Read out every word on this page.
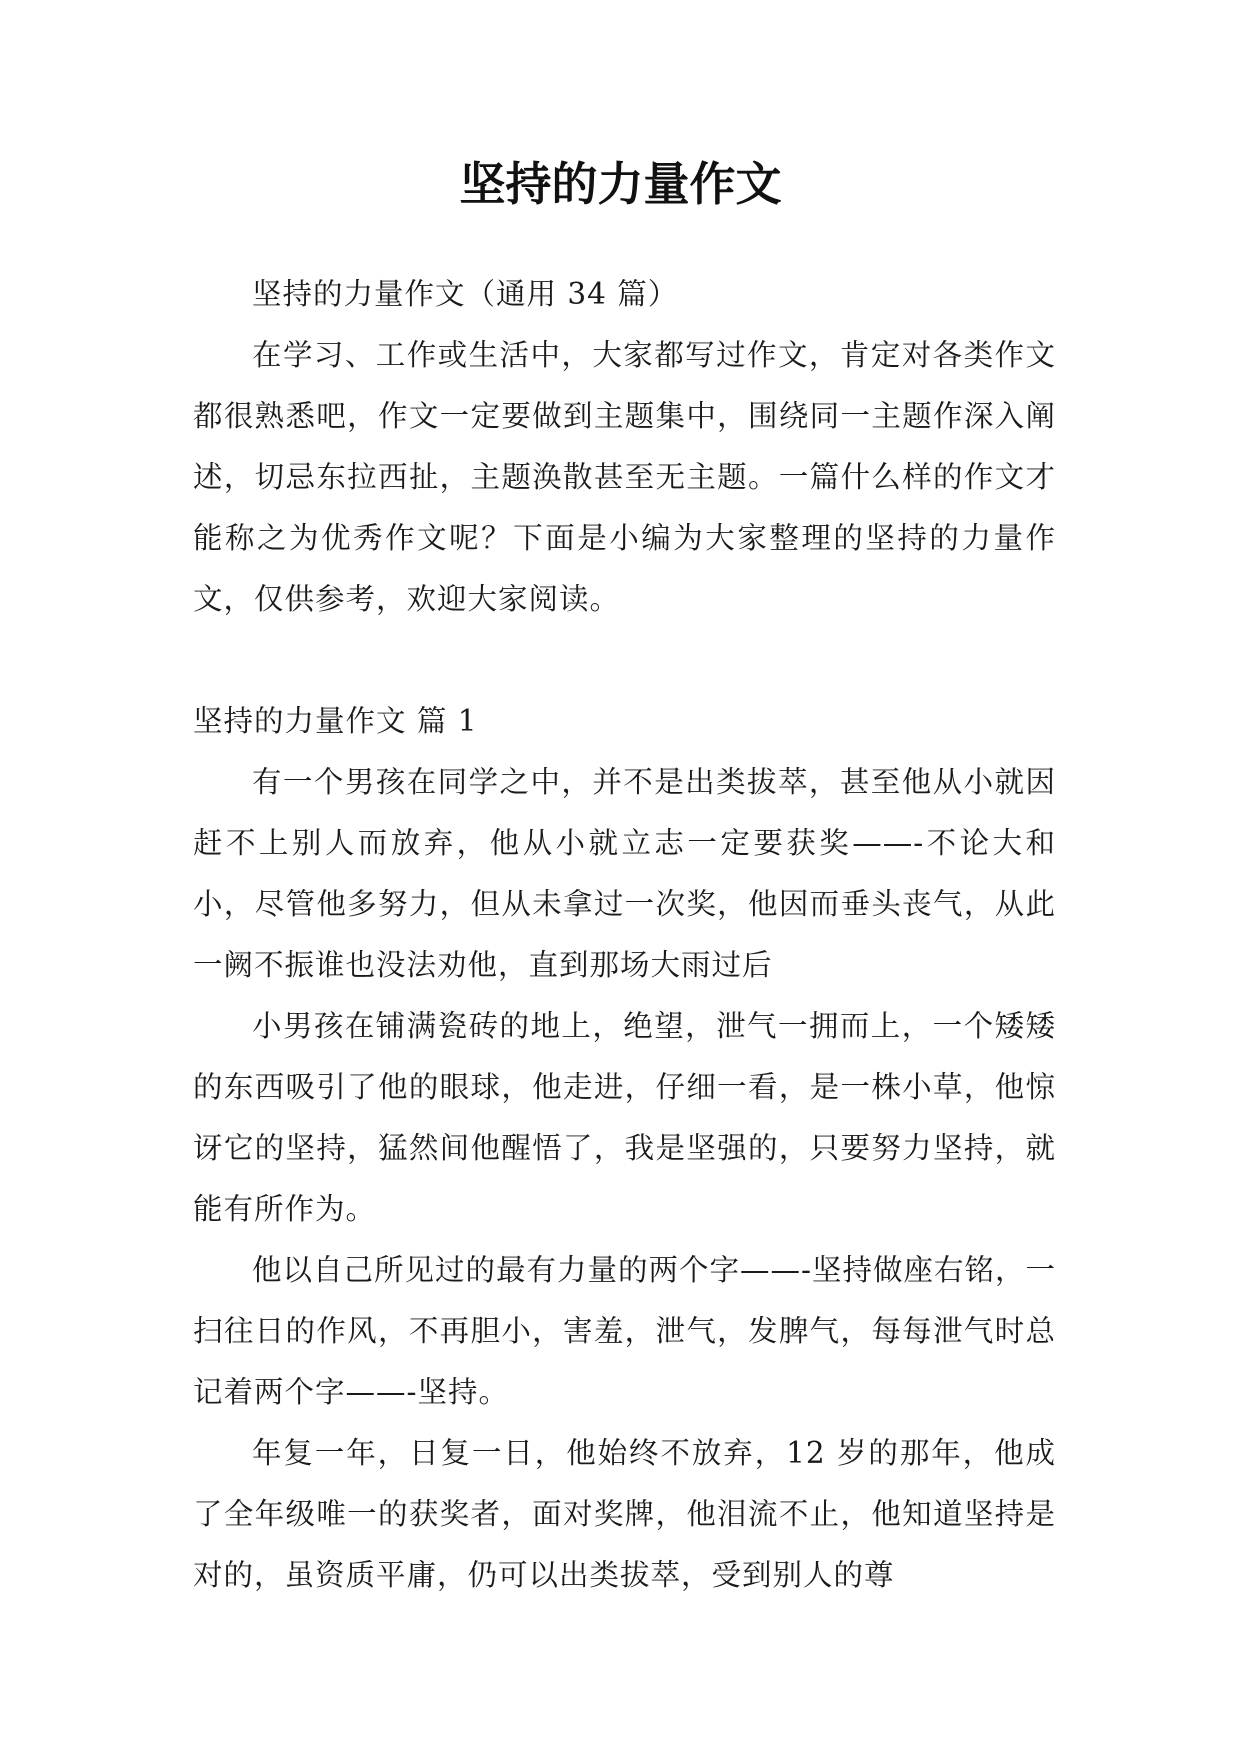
坚持的力量作文

坚持的力量作文（通用 34 篇）

在学习、工作或生活中，大家都写过作文，肯定对各类作文都很熟悉吧，作文一定要做到主题集中，围绕同一主题作深入阐述，切忌东拉西扯，主题涣散甚至无主题。一篇什么样的作文才能称之为优秀作文呢？下面是小编为大家整理的坚持的力量作文，仅供参考，欢迎大家阅读。

坚持的力量作文 篇 1

有一个男孩在同学之中，并不是出类拔萃，甚至他从小就因赶不上别人而放弃，他从小就立志一定要获奖——-不论大和小，尽管他多努力，但从未拿过一次奖，他因而垂头丧气，从此一阙不振谁也没法劝他，直到那场大雨过后

小男孩在铺满瓷砖的地上，绝望，泄气一拥而上，一个矮矮的东西吸引了他的眼球，他走进，仔细一看，是一株小草，他惊讶它的坚持，猛然间他醒悟了，我是坚强的，只要努力坚持，就能有所作为。

他以自己所见过的最有力量的两个字——-坚持做座右铭，一扫往日的作风，不再胆小，害羞，泄气，发脾气，每每泄气时总记着两个字——-坚持。

年复一年，日复一日，他始终不放弃，12 岁的那年，他成了全年级唯一的获奖者，面对奖牌，他泪流不止，他知道坚持是对的，虽资质平庸，仍可以出类拔萃，受到别人的尊
